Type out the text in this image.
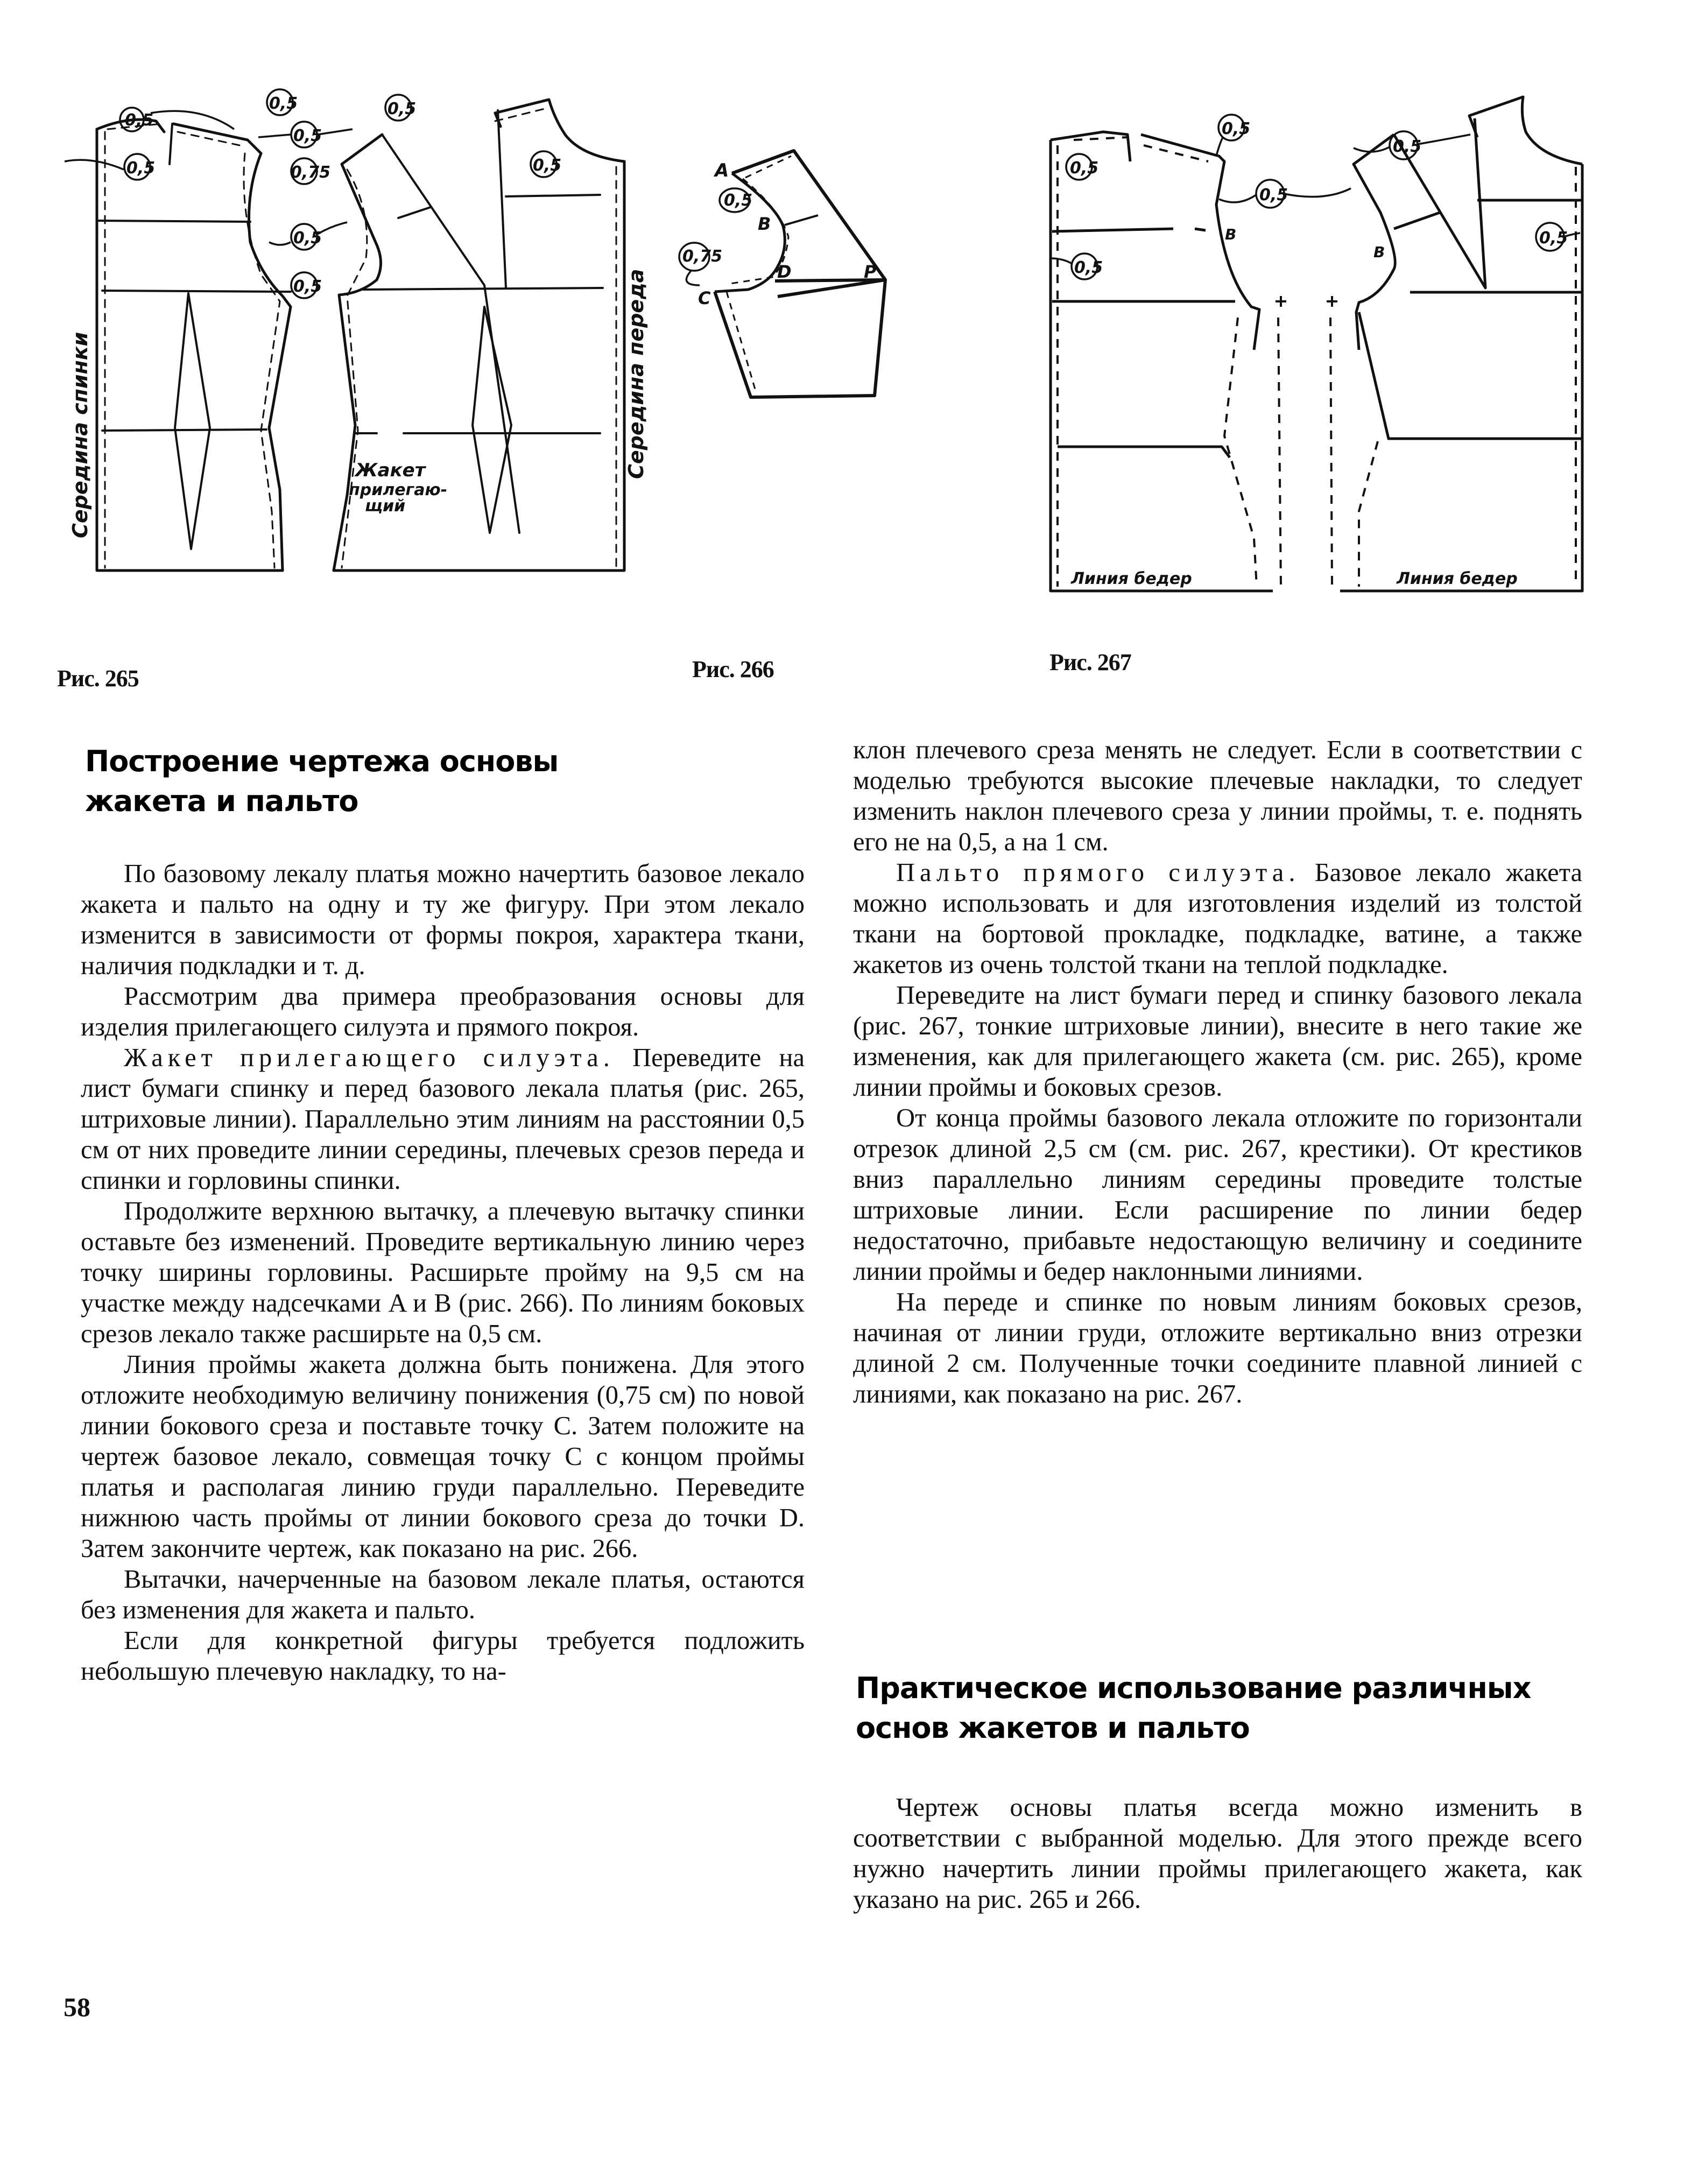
0,5
0,5	0,5
0,5
0,5	0,75	0,5
0,5
0,5
Середина спинки	Середина переда
Жакет
прилегаю-
щий
Рис. 265
0,5
0,75
A
B
C
D	P
Рис. 266
0,5
0,5
0,5
0,5
0,5
0,5
В
В
Линия бедер	Линия бедер
Рис. 267
Построение чертежа основы
жакета и пальто

По базовому лекалу платья можно начертить базовое лекало жакета и пальто на одну и ту же фигуру. При этом лекало изменится в зависимости от формы покроя, характера ткани, наличия подкладки и т. д.

Рассмотрим два примера преобразования основы для изделия прилегающего силуэта и прямого покроя.

Жакет прилегающего силуэта. Переведите на лист бумаги спинку и перед базового лекала платья (рис. 265, штриховые линии). Параллельно этим линиям на расстоянии 0,5 см от них проведите линии середины, плечевых срезов переда и спинки и горловины спинки.

Продолжите верхнюю вытачку, а плечевую вытачку спинки оставьте без изменений. Проведите вертикальную линию через точку ширины горловины. Расширьте пройму на 9,5 см на участке между надсечками A и B (рис. 266). По линиям боковых срезов лекало также расширьте на 0,5 см.

Линия проймы жакета должна быть понижена. Для этого отложите необходимую величину понижения (0,75 см) по новой линии бокового среза и поставьте точку C. Затем положите на чертеж базовое лекало, совмещая точку C с концом проймы платья и располагая линию груди параллельно. Переведите нижнюю часть проймы от линии бокового среза до точки D. Затем закончите чертеж, как показано на рис. 266.

Вытачки, начерченные на базовом лекале платья, остаются без изменения для жакета и пальто.

Если для конкретной фигуры требуется подложить небольшую плечевую накладку, то на-

58

клон плечевого среза менять не следует. Если в соответствии с моделью требуются высокие плечевые накладки, то следует изменить наклон плечевого среза у линии проймы, т. е. поднять его не на 0,5, а на 1 см.

Пальто прямого силуэта. Базовое лекало жакета можно использовать и для изготовления изделий из толстой ткани на бортовой прокладке, подкладке, ватине, а также жакетов из очень толстой ткани на теплой подкладке.

Переведите на лист бумаги перед и спинку базового лекала (рис. 267, тонкие штриховые линии), внесите в него такие же изменения, как для прилегающего жакета (см. рис. 265), кроме линии проймы и боковых срезов.

От конца проймы базового лекала отложите по горизонтали отрезок длиной 2,5 см (см. рис. 267, крестики). От крестиков вниз параллельно линиям середины проведите толстые штриховые линии. Если расширение по линии бедер недостаточно, прибавьте недостающую величину и соедините линии проймы и бедер наклонными линиями.

На переде и спинке по новым линиям боковых срезов, начиная от линии груди, отложите вертикально вниз отрезки длиной 2 см. Полученные точки соедините плавной линией с линиями, как показано на рис. 267.

Практическое использование различных
основ жакетов и пальто

Чертеж основы платья всегда можно изменить в соответствии с выбранной моделью. Для этого прежде всего нужно начертить линии проймы прилегающего жакета, как указано на рис. 265 и 266.
